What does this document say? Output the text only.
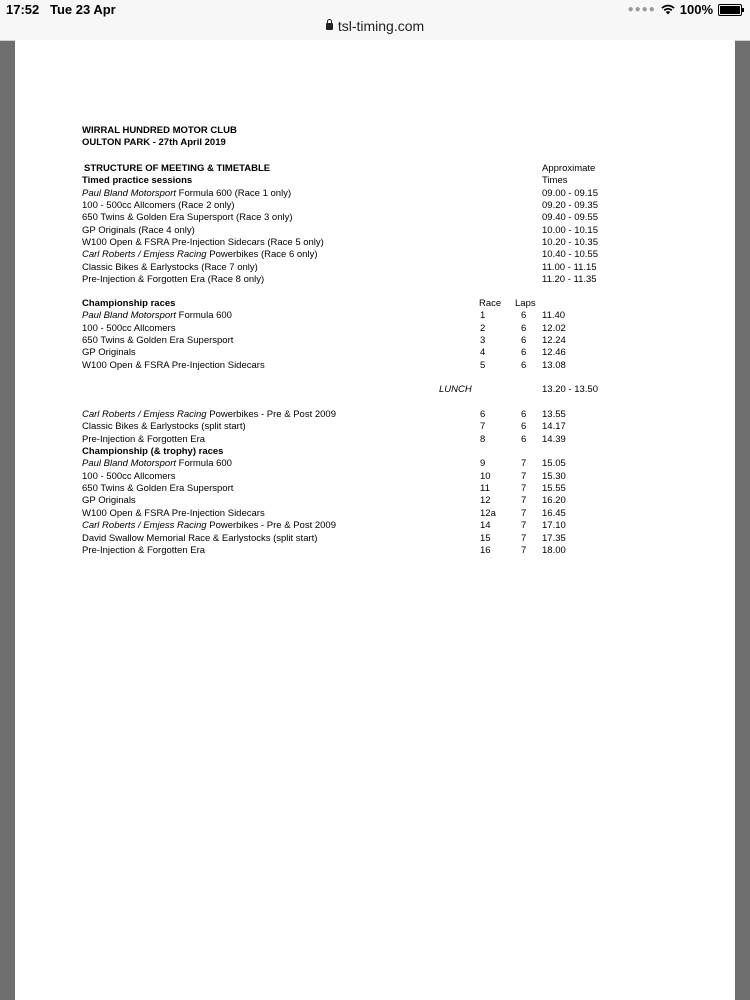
17:52 Tue 23 Apr	●●●● 100%
tsl-timing.com
WIRRAL HUNDRED MOTOR CLUB
OULTON PARK - 27th April 2019
STRUCTURE OF MEETING & TIMETABLE	Approximate
Timed practice sessions	Times
Paul Bland Motorsport Formula 600 (Race 1 only)	09.00 - 09.15
100 - 500cc Allcomers (Race 2 only)	09.20 - 09.35
650 Twins & Golden Era Supersport (Race 3 only)	09.40 - 09.55
GP Originals (Race 4 only)	10.00 - 10.15
W100 Open & FSRA Pre-Injection Sidecars (Race 5 only)	10.20 - 10.35
Carl Roberts / Emjess Racing Powerbikes (Race 6 only)	10.40 - 10.55
Classic Bikes & Earlystocks (Race 7 only)	11.00 - 11.15
Pre-Injection & Forgotten Era (Race 8 only)	11.20 - 11.35
Championship races	Race Laps
Paul Bland Motorsport Formula 600	1	6 11.40
100 - 500cc Allcomers	2	6 12.02
650 Twins & Golden Era Supersport	3	6 12.24
GP Originals	4	6 12.46
W100 Open & FSRA Pre-Injection Sidecars	5	6 13.08
LUNCH	13.20 - 13.50
Carl Roberts / Emjess Racing Powerbikes - Pre & Post 2009	6	6 13.55
Classic Bikes & Earlystocks (split start)	7	6 14.17
Pre-Injection & Forgotten Era	8	6 14.39
Championship (& trophy) races
Paul Bland Motorsport Formula 600	9	7 15.05
100 - 500cc Allcomers	10	7 15.30
650 Twins & Golden Era Supersport	11	7 15.55
GP Originals	12	7 16.20
W100 Open & FSRA Pre-Injection Sidecars	12a	7 16.45
Carl Roberts / Emjess Racing Powerbikes - Pre & Post 2009	14	7 17.10
David Swallow Memorial Race & Earlystocks (split start)	15	7 17.35
Pre-Injection & Forgotten Era	16	7 18.00
